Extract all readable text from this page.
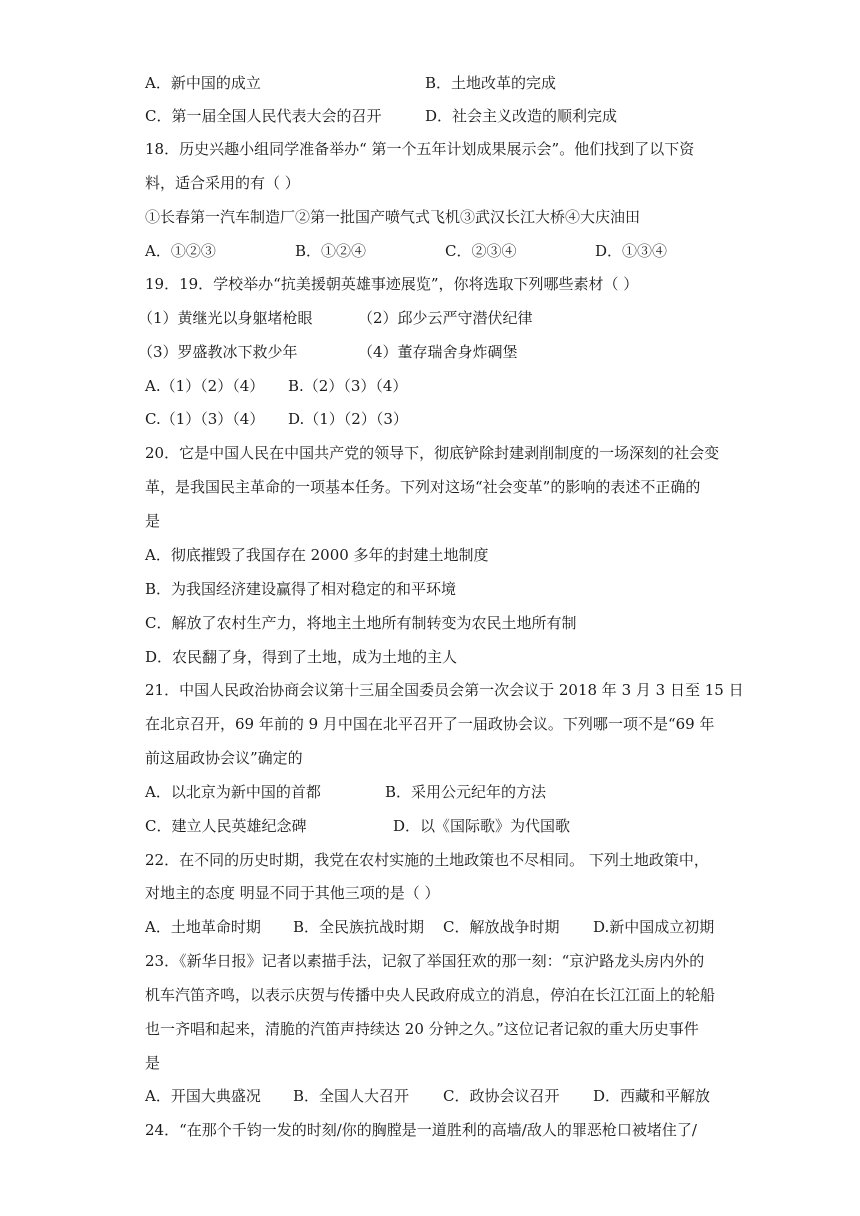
A．新中国的成立	B．土地改革的完成
C．第一届全国人民代表大会的召开	D．社会主义改造的顺利完成
18．历史兴趣小组同学准备举办“ 第一个五年计划成果展示会”。他们找到了以下资
料，适合采用的有（ ）
①长春第一汽车制造厂②第一批国产喷气式飞机③武汉长江大桥④大庆油田
A．①②③	B．①②④	C．②③④	D．①③④
19．19．学校举办“抗美援朝英雄事迹展览”，你将选取下列哪些素材（ ）
（1）黄继光以身躯堵枪眼	（2）邱少云严守潜伏纪律
（3）罗盛教冰下救少年	（4）董存瑞舍身炸碉堡
A.（1）（2）（4） B.（2）（3）（4）
C.（1）（3）（4） D.（1）（2）（3）
20．它是中国人民在中国共产党的领导下，彻底铲除封建剥削制度的一场深刻的社会变
革，是我国民主革命的一项基本任务。下列对这场“社会变革”的影响的表述不正确的
是
A．彻底摧毁了我国存在 2000 多年的封建土地制度
B．为我国经济建设赢得了相对稳定的和平环境
C．解放了农村生产力，将地主土地所有制转变为农民土地所有制
D．农民翻了身，得到了土地，成为土地的主人
21．中国人民政治协商会议第十三届全国委员会第一次会议于 2018 年 3 月 3 日至 15 日
在北京召开，69 年前的 9 月中国在北平召开了一届政协会议。下列哪一项不是“69 年
前这届政协会议”确定的
A．以北京为新中国的首都	B．采用公元纪年的方法
C．建立人民英雄纪念碑	D．以《国际歌》为代国歌
22．在不同的历史时期，我党在农村实施的土地政策也不尽相同。 下列土地政策中，
对地主的态度 明显不同于其他三项的是（ ）
A．土地革命时期 B．全民族抗战时期 C．解放战争时期 D.新中国成立初期
23．《新华日报》记者以素描手法，记叙了举国狂欢的那一刻：“京沪路龙头房内外的
机车汽笛齐鸣，以表示庆贺与传播中央人民政府成立的消息，停泊在长江江面上的轮船
也一齐唱和起来，清脆的汽笛声持续达 20 分钟之久。”这位记者记叙的重大历史事件
是
A．开国大典盛况 B．全国人大召开 C．政协会议召开 D．西藏和平解放
24．“在那个千钧一发的时刻/你的胸膛是一道胜利的高墙/敌人的罪恶枪口被堵住了/
